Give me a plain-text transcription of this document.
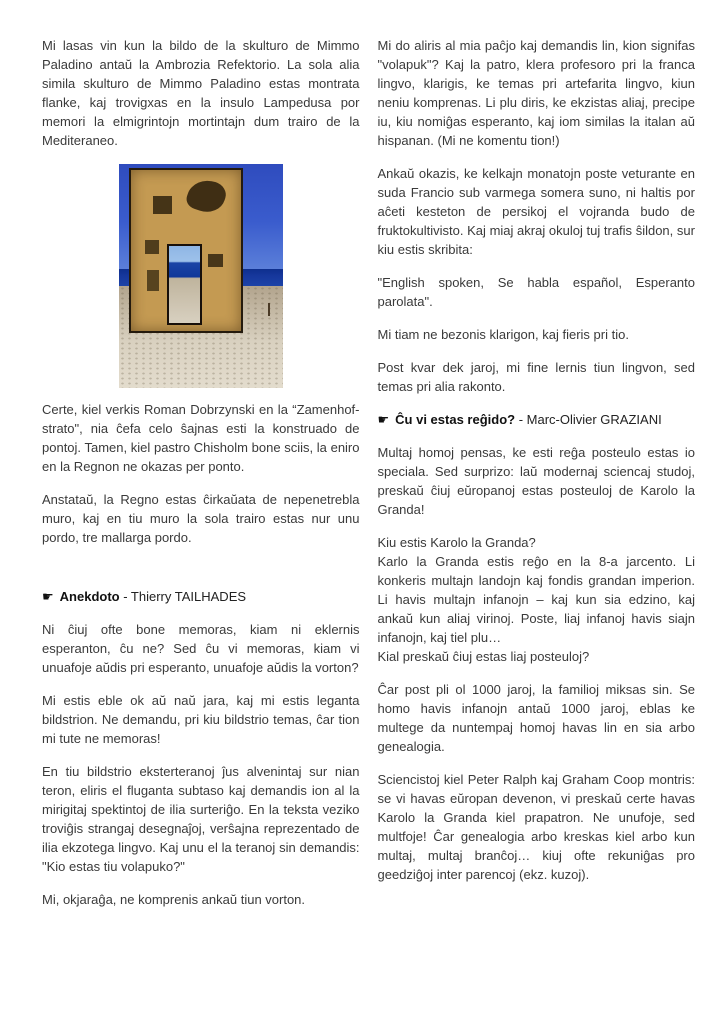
Mi lasas vin kun la bildo de la skulturo de Mimmo Paladino antaŭ la Ambrozia Refektorio. La sola alia simila skulturo de Mimmo Paladino estas montrata flanke, kaj trovigxas en la insulo Lampedusa por memori la elmigrintojn mortintajn dum trairo de la Mediteraneo.

Certe, kiel verkis Roman Dobrzynski en la “Zamenhof-strato", nia ĉefa celo ŝajnas esti la konstruado de pontoj. Tamen, kiel pastro Chisholm bone sciis, la eniro en la Regnon ne okazas per ponto.

Anstataŭ, la Regno estas ĉirkaŭata de nepenetrebla muro, kaj en tiu muro la sola trairo estas nur unu pordo, tre mallarga pordo.

☛ Anekdoto - Thierry TAILHADES

Ni ĉiuj ofte bone memoras, kiam ni eklernis esperanton, ĉu ne? Sed ĉu vi memoras, kiam vi unuafoje aŭdis pri esperanto, unuafoje aŭdis la vorton?

Mi estis eble ok aŭ naŭ jara, kaj mi estis leganta bildstrion. Ne demandu, pri kiu bildstrio temas, ĉar tion mi tute ne memoras!

En tiu bildstrio eksterteranoj ĵus alvenintaj sur nian teron, eliris el fluganta subtaso kaj demandis ion al la mirigitaj spektintoj de ilia surteriĝo. En la teksta veziko troviĝis strangaj desegnaĵoj, verŝajna reprezentado de ilia ekzotega lingvo. Kaj unu el la teranoj sin demandis: "Kio estas tiu volapuko?"

Mi, okjaraĝa, ne komprenis ankaŭ tiun vorton.

Mi do aliris al mia paĉjo kaj demandis lin, kion signifas "volapuk"? Kaj la patro, klera profesoro pri la franca lingvo, klarigis, ke temas pri artefarita lingvo, kiun neniu komprenas. Li plu diris, ke ekzistas aliaj, precipe iu, kiu nomiĝas esperanto, kaj iom similas la italan aŭ hispanan. (Mi ne komentu tion!)

Ankaŭ okazis, ke kelkajn monatojn poste veturante en suda Francio sub varmega somera suno, ni haltis por aĉeti kesteton de persikoj el vojranda budo de fruktokultivisto. Kaj miaj akraj okuloj tuj trafis ŝildon, sur kiu estis skribita:

"English spoken, Se habla español, Esperanto parolata".

Mi tiam ne bezonis klarigon, kaj fieris pri tio.

Post kvar dek jaroj, mi fine lernis tiun lingvon, sed temas pri alia rakonto.

☛ Ĉu vi estas reĝido? - Marc-Olivier GRAZIANI

Multaj homoj pensas, ke esti reĝa posteulo estas io speciala. Sed surprizo: laŭ modernaj sciencaj studoj, preskaŭ ĉiuj eŭropanoj estas posteuloj de Karolo la Granda!

Kiu estis Karolo la Granda?
Karlo la Granda estis reĝo en la 8-a jarcento. Li konkeris multajn landojn kaj fondis grandan imperion. Li havis multajn infanojn – kaj kun sia edzino, kaj ankaŭ kun aliaj virinoj. Poste, liaj infanoj havis siajn infanojn, kaj tiel plu…
Kial preskaŭ ĉiuj estas liaj posteuloj?

Ĉar post pli ol 1000 jaroj, la familioj miksas sin. Se homo havis infanojn antaŭ 1000 jaroj, eblas ke multege da nuntempaj homoj havas lin en sia arbo genealogia.

Sciencistoj kiel Peter Ralph kaj Graham Coop montris: se vi havas eŭropan devenon, vi preskaŭ certe havas Karolo la Granda kiel prapatron. Ne unufoje, sed multfoje! Ĉar genealogia arbo kreskas kiel arbo kun multaj, multaj branĉoj… kiuj ofte rekuniĝas pro geedziĝoj inter parencoj (ekz. kuzoj).
